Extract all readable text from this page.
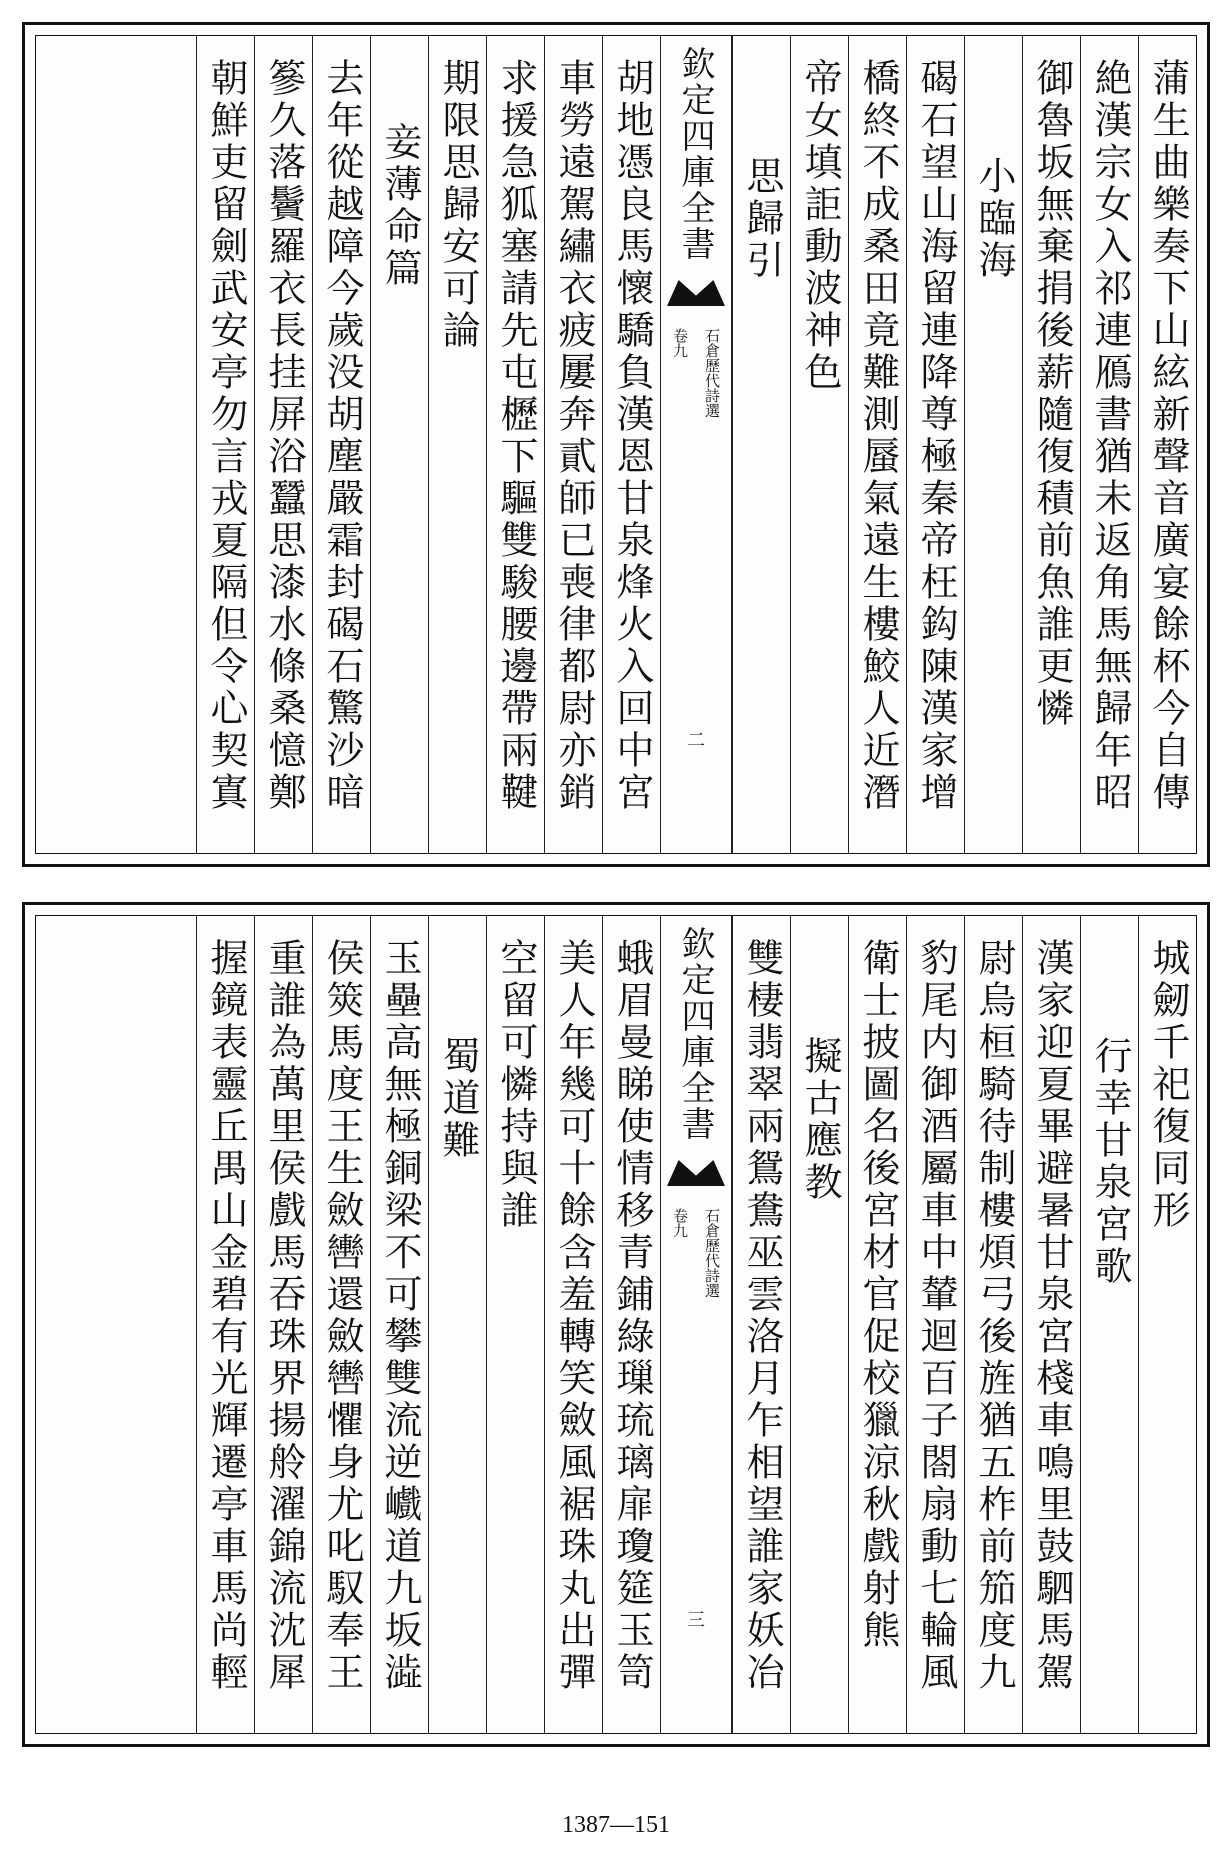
蒲生曲樂奏下山絃新聲音廣宴餘杯今自傳
絶漢宗女入祁連鴈書猶未返角馬無歸年昭
御魯坂無棄捐後薪隨復積前魚誰更憐
小臨海
碣石望山海留連降尊極秦帝枉鈎陳漢家增
橋終不成桑田竟難測蜃氣遠生樓鮫人近潛
帝女填詎動波神色
思歸引
欽定四庫全書
石倉歷代詩選
卷九
二
胡地憑良馬懷驕負漢恩甘泉烽火入回中宮
車勞遠駕繡衣疲屢奔貳師已喪律都尉亦銷
求援急狐塞請先屯櫪下驅雙駿腰邊帶兩鞬
期限思歸安可論
妾薄命篇
去年從越障今歲没胡塵嚴霜封碣石驚沙暗
篸久落鬢羅衣長挂屏浴蠶思漆水條桑憶鄭
朝鮮吏留劍武安亭勿言戎夏隔但令心契寘
城劒千祀復同形
行幸甘泉宮歌
漢家迎夏畢避暑甘泉宮棧車鳴里鼓駟馬駕
尉烏桓騎待制樓煩弓後旌猶五柞前笳度九
豹尾内御酒屬車中輦迴百子閤扇動七輪風
衛士披圖名後宮材官促校獵涼秋戲射熊
擬古應教
雙棲翡翠兩鴛鴦巫雲洛月乍相望誰家妖冶
欽定四庫全書
石倉歷代詩選
卷九
三
蛾眉曼睇使情移青鋪綠璅琉璃扉瓊筵玉笥
美人年幾可十餘含羞轉笑斂風裾珠丸出彈
空留可憐持與誰
蜀道難
玉壘高無極銅梁不可攀雙流逆巇道九坂澁
侯筴馬度王生斂轡還斂轡懼身尤叱馭奉王
重誰為萬里侯戲馬吞珠界揚舲濯錦流沈犀
握鏡表靈丘禺山金碧有光輝遷亭車馬尚輕
1387—151
